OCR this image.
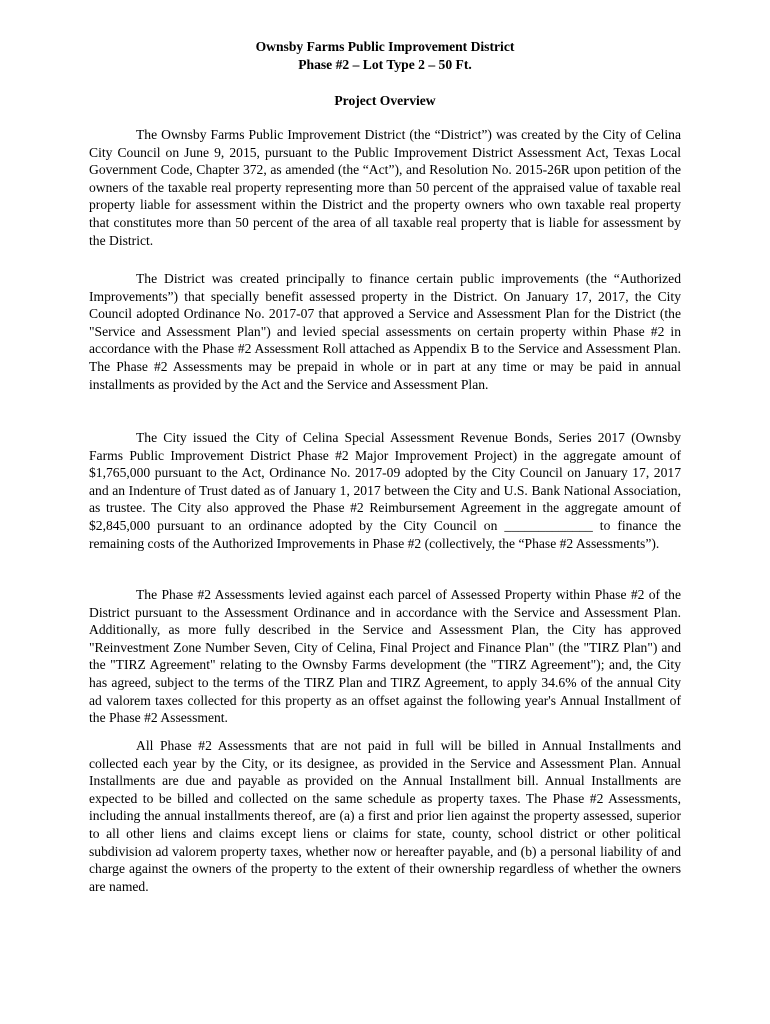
Ownsby Farms Public Improvement District

Phase #2 – Lot Type 2 – 50 Ft.

Project Overview

The Ownsby Farms Public Improvement District (the “District”) was created by the City of Celina City Council on June 9, 2015, pursuant to the Public Improvement District Assessment Act, Texas Local Government Code, Chapter 372, as amended (the “Act”), and Resolution No. 2015-26R upon petition of the owners of the taxable real property representing more than 50 percent of the appraised value of taxable real property liable for assessment within the District and the property owners who own taxable real property that constitutes more than 50 percent of the area of all taxable real property that is liable for assessment by the District.

The District was created principally to finance certain public improvements (the “Authorized Improvements”) that specially benefit assessed property in the District. On January 17, 2017, the City Council adopted Ordinance No. 2017-07 that approved a Service and Assessment Plan for the District (the "Service and Assessment Plan") and levied special assessments on certain property within Phase #2 in accordance with the Phase #2 Assessment Roll attached as Appendix B to the Service and Assessment Plan. The Phase #2 Assessments may be prepaid in whole or in part at any time or may be paid in annual installments as provided by the Act and the Service and Assessment Plan.

The City issued the City of Celina Special Assessment Revenue Bonds, Series 2017 (Ownsby Farms Public Improvement District Phase #2 Major Improvement Project) in the aggregate amount of $1,765,000 pursuant to the Act, Ordinance No. 2017-09 adopted by the City Council on January 17, 2017 and an Indenture of Trust dated as of January 1, 2017 between the City and U.S. Bank National Association, as trustee. The City also approved the Phase #2 Reimbursement Agreement in the aggregate amount of $2,845,000 pursuant to an ordinance adopted by the City Council on _____________ to finance the remaining costs of the Authorized Improvements in Phase #2 (collectively, the “Phase #2 Assessments”).

The Phase #2 Assessments levied against each parcel of Assessed Property within Phase #2 of the District pursuant to the Assessment Ordinance and in accordance with the Service and Assessment Plan. Additionally, as more fully described in the Service and Assessment Plan, the City has approved "Reinvestment Zone Number Seven, City of Celina, Final Project and Finance Plan" (the "TIRZ Plan") and the "TIRZ Agreement" relating to the Ownsby Farms development (the "TIRZ Agreement"); and, the City has agreed, subject to the terms of the TIRZ Plan and TIRZ Agreement, to apply 34.6% of the annual City ad valorem taxes collected for this property as an offset against the following year's Annual Installment of the Phase #2 Assessment.

All Phase #2 Assessments that are not paid in full will be billed in Annual Installments and collected each year by the City, or its designee, as provided in the Service and Assessment Plan. Annual Installments are due and payable as provided on the Annual Installment bill. Annual Installments are expected to be billed and collected on the same schedule as property taxes. The Phase #2 Assessments, including the annual installments thereof, are (a) a first and prior lien against the property assessed, superior to all other liens and claims except liens or claims for state, county, school district or other political subdivision ad valorem property taxes, whether now or hereafter payable, and (b) a personal liability of and charge against the owners of the property to the extent of their ownership regardless of whether the owners are named.
